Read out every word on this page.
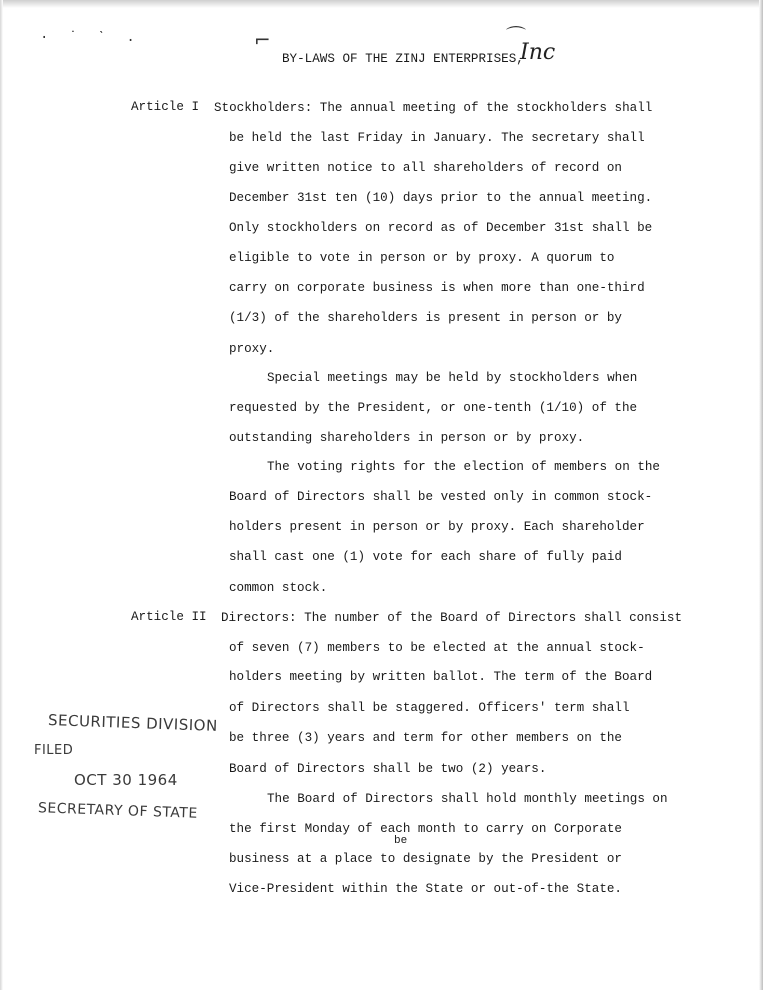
· ˙ ˋ .	⌐	⌒
BY-LAWS OF THE ZINJ ENTERPRISES,
Inc
Article I Stockholders: The annual meeting of the stockholders shall
be held the last Friday in January. The secretary shall
give written notice to all shareholders of record on
December 31st ten (10) days prior to the annual meeting.
Only stockholders on record as of December 31st shall be
eligible to vote in person or by proxy. A quorum to
carry on corporate business is when more than one-third
(1/3) of the shareholders is present in person or by
proxy.
Special meetings may be held by stockholders when
requested by the President, or one-tenth (1/10) of the
outstanding shareholders in person or by proxy.
The voting rights for the election of members on the
Board of Directors shall be vested only in common stock-
holders present in person or by proxy. Each shareholder
shall cast one (1) vote for each share of fully paid
common stock.
Article II Directors: The number of the Board of Directors shall consist
of seven (7) members to be elected at the annual stock-
holders meeting by written ballot. The term of the Board
of Directors shall be staggered. Officers' term shall
be three (3) years and term for other members on the
Board of Directors shall be two (2) years.
The Board of Directors shall hold monthly meetings on
the first Monday of each month to carry on Corporate
be
business at a place to designate by the President or
Vice-President within the State or out-of-the State.
SECURITIES DIVISION
FILED
OCT 30 1964
SECRETARY OF STATE
